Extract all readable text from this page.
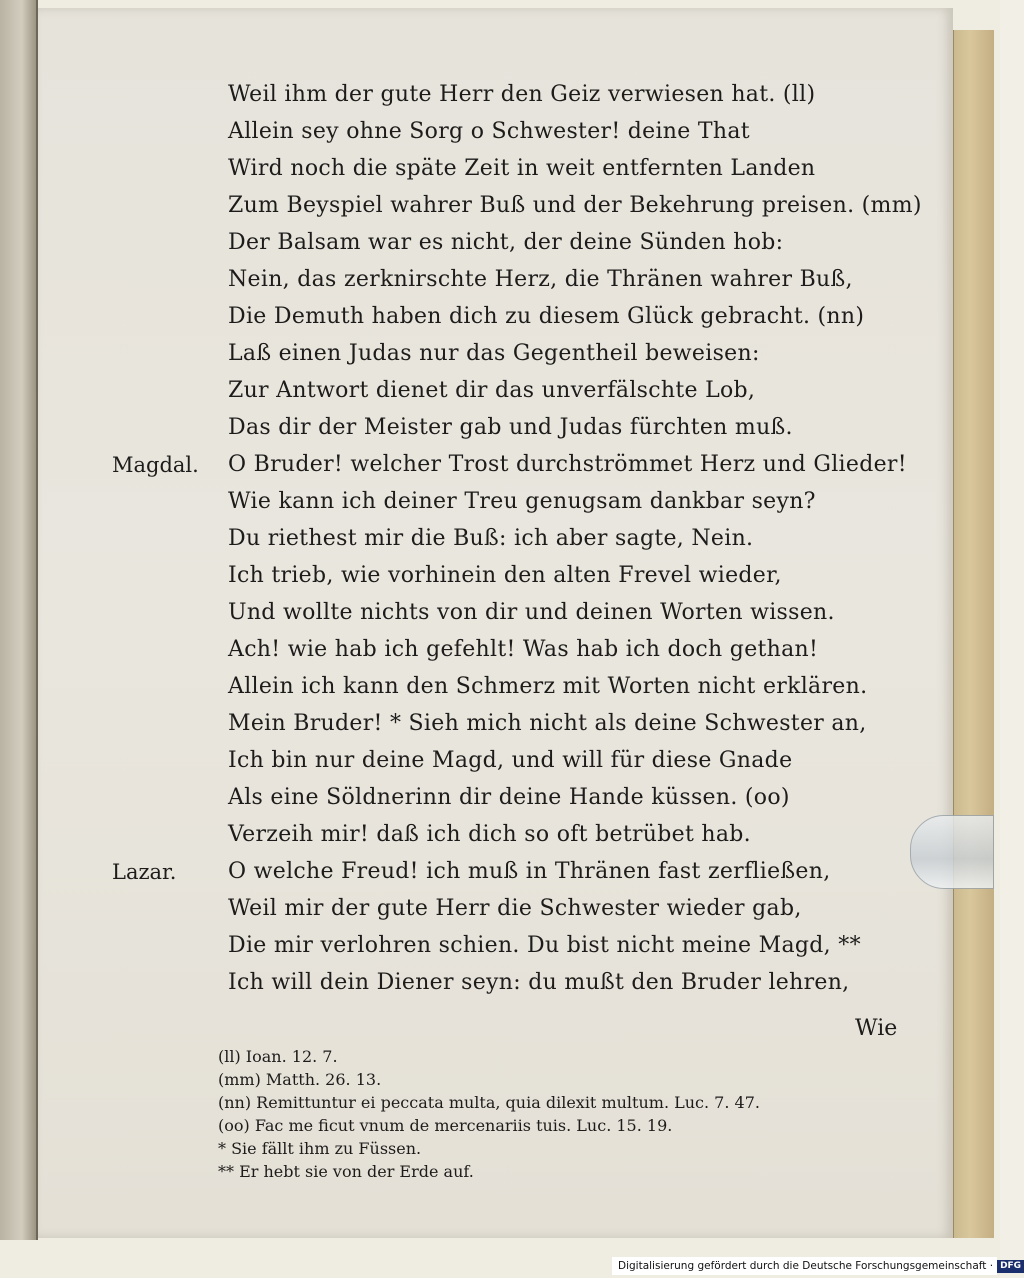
Weil ihm der gute Herr den Geiz verwiesen hat. (ll)
Allein sey ohne Sorg o Schwester! deine That
Wird noch die späte Zeit in weit entfernten Landen
Zum Beyspiel wahrer Buß und der Bekehrung preisen. (mm)
Der Balsam war es nicht, der deine Sünden hob:
Nein, das zerknirschte Herz, die Thränen wahrer Buß,
Die Demuth haben dich zu diesem Glück gebracht. (nn)
Laß einen Judas nur das Gegentheil beweisen:
Zur Antwort dienet dir das unverfälschte Lob,
Das dir der Meister gab und Judas fürchten muß.
O Bruder! welcher Trost durchströmmet Herz und Glieder!
Wie kann ich deiner Treu genugsam dankbar seyn?
Du riethest mir die Buß: ich aber sagte, Nein.
Ich trieb, wie vorhinein den alten Frevel wieder,
Und wollte nichts von dir und deinen Worten wissen.
Ach! wie hab ich gefehlt! Was hab ich doch gethan!
Allein ich kann den Schmerz mit Worten nicht erklären.
Mein Bruder! * Sieh mich nicht als deine Schwester an,
Ich bin nur deine Magd, und will für diese Gnade
Als eine Söldnerinn dir deine Hande küssen. (oo)
Verzeih mir! daß ich dich so oft betrübet hab.
O welche Freud! ich muß in Thränen fast zerfließen,
Weil mir der gute Herr die Schwester wieder gab,
Die mir verlohren schien. Du bist nicht meine Magd, **
Ich will dein Diener seyn: du mußt den Bruder lehren,
Magdal.
Lazar.
Wie
(ll) Ioan. 12. 7.
(mm) Matth. 26. 13.
(nn) Remittuntur ei peccata multa, quia dilexit multum. Luc. 7. 47.
(oo) Fac me ficut vnum de mercenariis tuis. Luc. 15. 19.
* Sie fällt ihm zu Füssen.
** Er hebt sie von der Erde auf.
Digitalisierung gefördert durch die Deutsche Forschungsgemeinschaft · DFG
